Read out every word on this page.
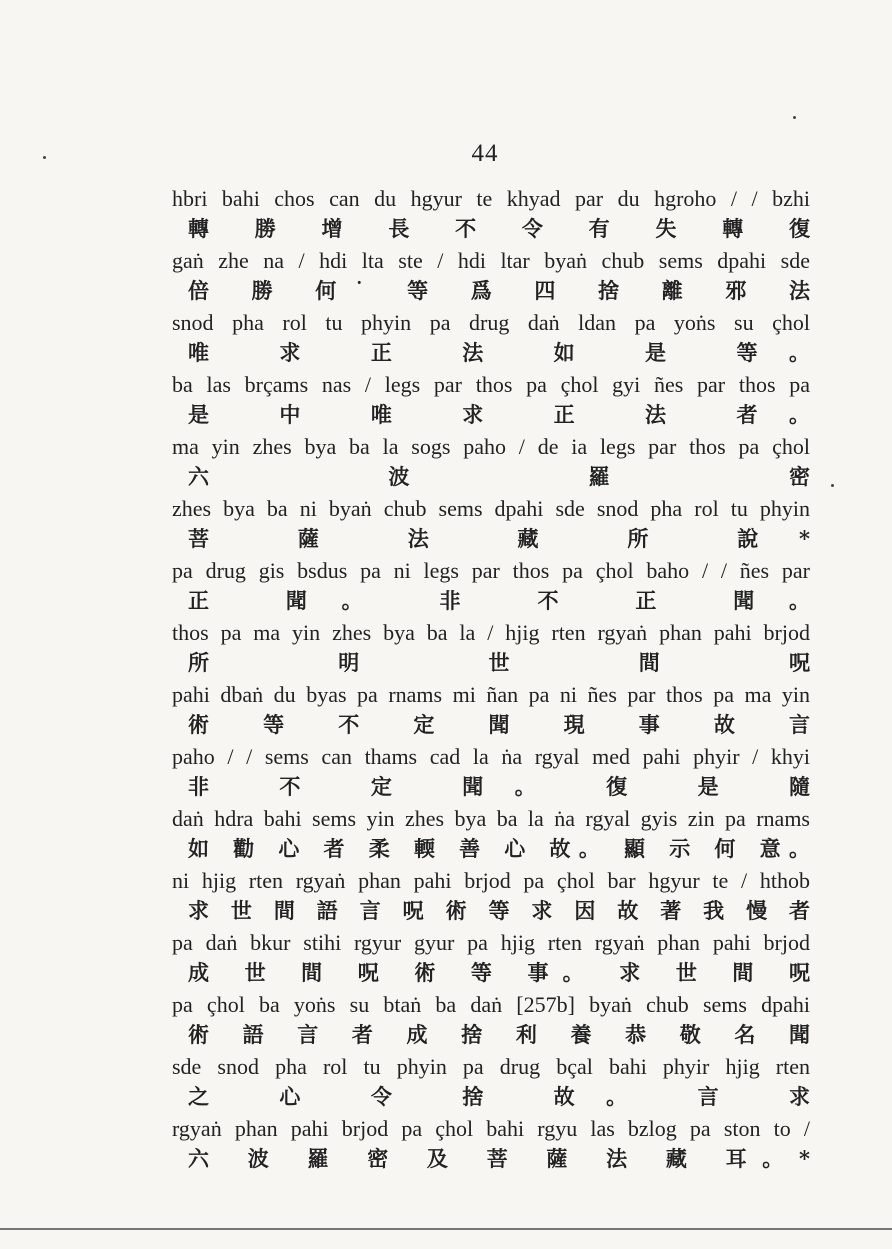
44
hbri bahi chos can du hgyur te khyad par du hgroho / / bzhi
轉 勝 增 長 不 令 有 失 轉 復
gaṅ zhe na / hdi lta ste / hdi ltar byaṅ chub sems dpahi sde
倍 勝 何˙ 等 爲 四 捨 離 邪 法
snod pha rol tu phyin pa drug daṅ ldan pa yoṅs su çhol
唯 求 正 法 如 是 等。
ba las brçams nas / legs par thos pa çhol gyi ñes par thos pa
是 中 唯 求 正 法 者。
ma yin zhes bya ba la sogs paho / de ia legs par thos pa çhol
六 波 羅 密
zhes bya ba ni byaṅ chub sems dpahi sde snod pha rol tu phyin
菩 薩 法 藏 所 說*
pa drug gis bsdus pa ni legs par thos pa çhol baho / / ñes par
正 聞。 非 不 正 聞。
thos pa ma yin zhes bya ba la / hjig rten rgyaṅ phan pahi brjod
所 明 世 間 呪
pahi dbaṅ du byas pa rnams mi ñan pa ni ñes par thos pa ma yin
術 等 不 定 聞 現 事 故 言
paho / / sems can thams cad la ṅa rgyal med pahi phyir / khyi
非 不 定 聞。 復 是 隨
daṅ hdra bahi sems yin zhes bya ba la ṅa rgyal gyis zin pa rnams
如 勸 心 者 柔 輭 善 心 故。 顯 示 何 意。
ni hjig rten rgyaṅ phan pahi brjod pa çhol bar hgyur te / hthob
求 世 間 語 言 呪 術 等 求 因 故 著 我 慢 者
pa daṅ bkur stihi rgyur gyur pa hjig rten rgyaṅ phan pahi brjod
成 世 間 呪 術 等 事。 求 世 間 呪
pa çhol ba yoṅs su btaṅ ba daṅ [257b] byaṅ chub sems dpahi
術 語 言 者 成 捨 利 養 恭 敬 名 聞
sde snod pha rol tu phyin pa drug bçal bahi phyir hjig rten
之 心 令 捨 故。 言 求
rgyaṅ phan pahi brjod pa çhol bahi rgyu las bzlog pa ston to /
六 波 羅 密 及 菩 薩 法 藏 耳。*
